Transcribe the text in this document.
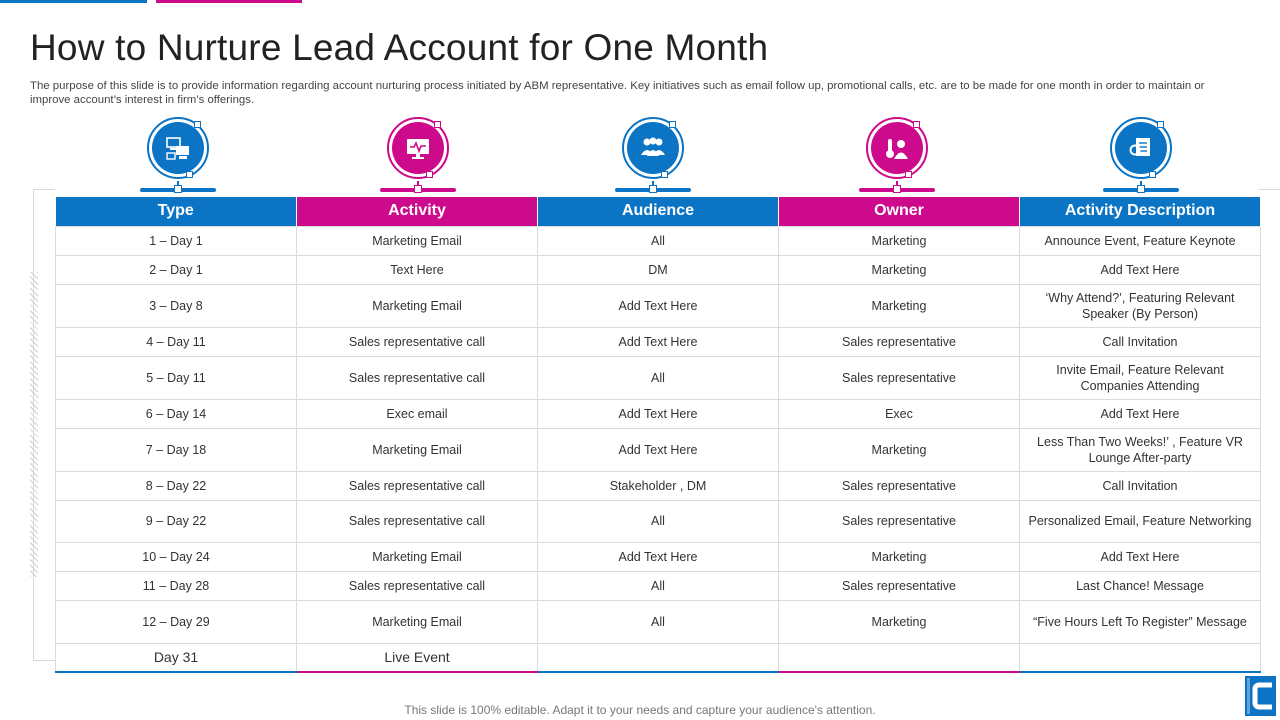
How to Nurture Lead Account for One Month

The purpose of this slide is to provide information regarding account nurturing process initiated by ABM representative. Key initiatives such as email follow up, promotional calls, etc. are to be made for one month in order to maintain or improve account’s interest in firm’s offerings.

Type	Activity	Audience	Owner	Activity Description
1 – Day 1	Marketing Email	All	Marketing	Announce Event, Feature Keynote
2 – Day 1	Text Here	DM	Marketing	Add Text Here
3 – Day 8	Marketing Email	Add Text Here	Marketing	‘Why Attend?’, Featuring Relevant Speaker (By Person)
4 – Day 11	Sales representative call	Add Text Here	Sales representative	Call Invitation
5 – Day 11	Sales representative call	All	Sales representative	Invite Email, Feature Relevant Companies Attending
6 – Day 14	Exec email	Add Text Here	Exec	Add Text Here
7 – Day 18	Marketing Email	Add Text Here	Marketing	Less Than Two Weeks!’ , Feature VR Lounge After-party
8 – Day 22	Sales representative call	Stakeholder , DM	Sales representative	Call Invitation
9 – Day 22	Sales representative call	All	Sales representative	Personalized Email, Feature Networking
10 – Day 24	Marketing Email	Add Text Here	Marketing	Add Text Here
11 – Day 28	Sales representative call	All	Sales representative	Last Chance! Message
12 – Day 29	Marketing Email	All	Marketing	“Five Hours Left To Register” Message
Day 31	Live Event			
This slide is 100% editable. Adapt it to your needs and capture your audience's attention.
